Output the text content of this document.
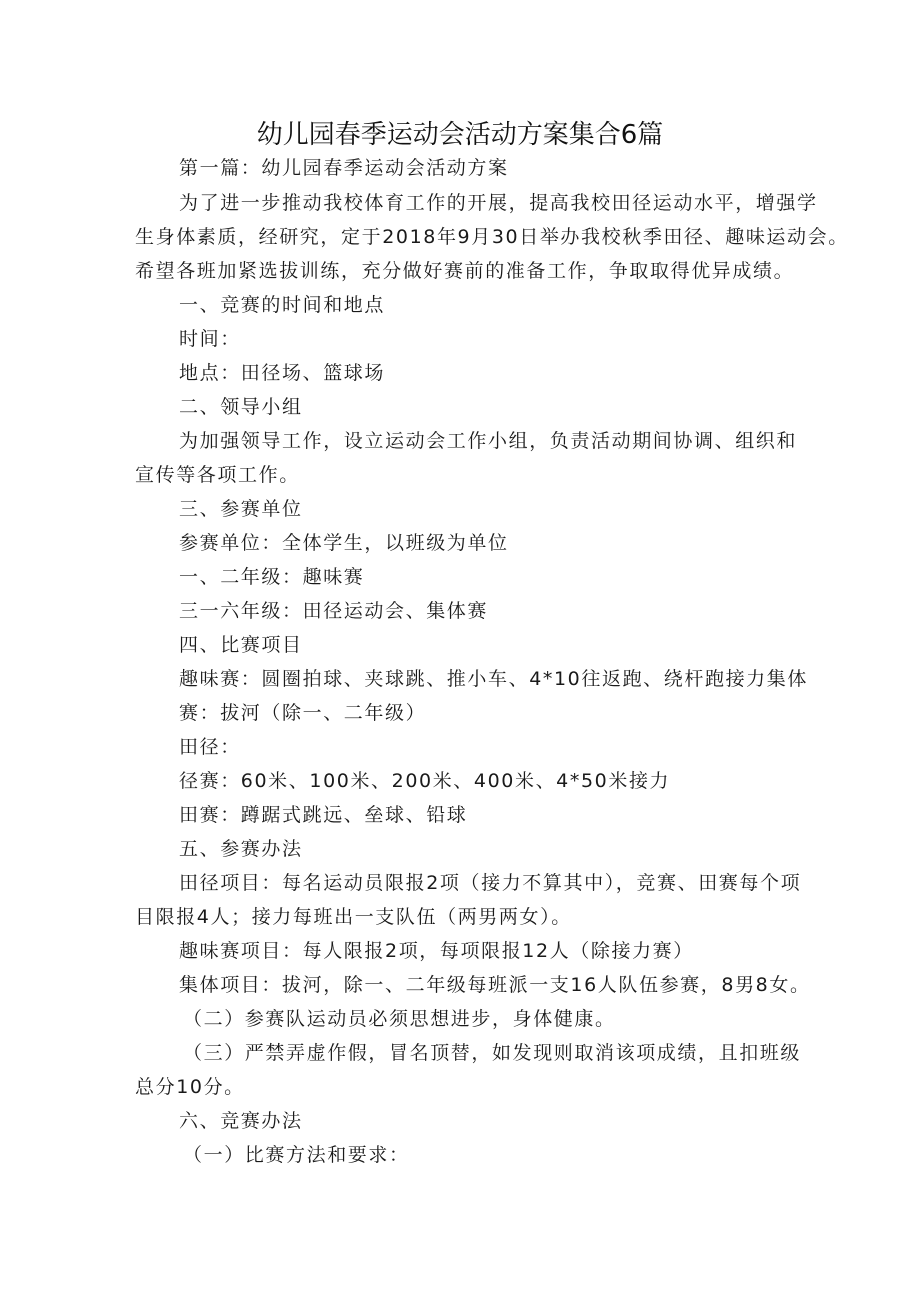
幼儿园春季运动会活动方案集合6篇
第一篇：幼儿园春季运动会活动方案
为了进一步推动我校体育工作的开展，提高我校田径运动水平，增强学
生身体素质，经研究，定于2018年9月30日举办我校秋季田径、趣味运动会。
希望各班加紧选拔训练，充分做好赛前的准备工作，争取取得优异成绩。
一、竞赛的时间和地点
时间：
地点：田径场、篮球场
二、领导小组
为加强领导工作，设立运动会工作小组，负责活动期间协调、组织和
宣传等各项工作。
三、参赛单位
参赛单位：全体学生，以班级为单位
一、二年级：趣味赛
三一六年级：田径运动会、集体赛
四、比赛项目
趣味赛：圆圈拍球、夹球跳、推小车、4*10往返跑、绕杆跑接力集体
赛：拔河（除一、二年级）
田径：
径赛：60米、100米、200米、400米、4*50米接力
田赛：蹲踞式跳远、垒球、铅球
五、参赛办法
田径项目：每名运动员限报2项（接力不算其中），竞赛、田赛每个项
目限报4人；接力每班出一支队伍（两男两女）。
趣味赛项目：每人限报2项，每项限报12人（除接力赛）
集体项目：拔河，除一、二年级每班派一支16人队伍参赛，8男8女。
（二）参赛队运动员必须思想进步，身体健康。
（三）严禁弄虚作假，冒名顶替，如发现则取消该项成绩，且扣班级
总分10分。
六、竞赛办法
（一）比赛方法和要求：
